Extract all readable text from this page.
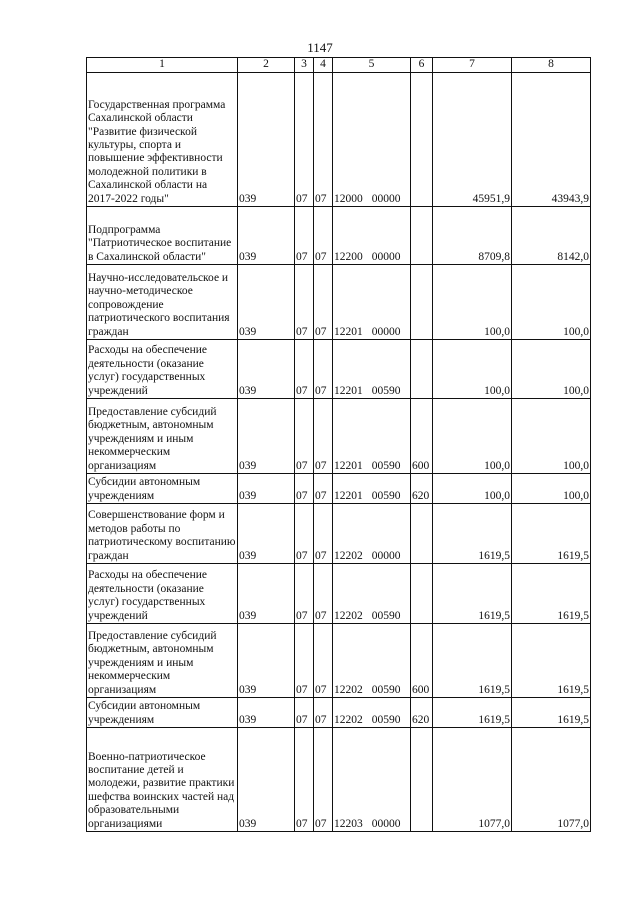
1147
1	2	3	4	5	6	7	8
Государственная программа Сахалинской области "Развитие физической культуры, спорта и повышение эффективности молодежной политики в Сахалинской области на 2017-2022 годы"	039	07	07	12000 00000		45951,9	43943,9
Подпрограмма "Патриотическое воспитание в Сахалинской области"	039	07	07	12200 00000		8709,8	8142,0
Научно-исследовательское и научно-методическое сопровождение патриотического воспитания граждан	039	07	07	12201 00000		100,0	100,0
Расходы на обеспечение деятельности (оказание услуг) государственных учреждений	039	07	07	12201 00590		100,0	100,0
Предоставление субсидий бюджетным, автономным учреждениям и иным некоммерческим организациям	039	07	07	12201 00590	600	100,0	100,0
Субсидии автономным учреждениям	039	07	07	12201 00590	620	100,0	100,0
Совершенствование форм и методов работы по патриотическому воспитанию граждан	039	07	07	12202 00000		1619,5	1619,5
Расходы на обеспечение деятельности (оказание услуг) государственных учреждений	039	07	07	12202 00590		1619,5	1619,5
Предоставление субсидий бюджетным, автономным учреждениям и иным некоммерческим организациям	039	07	07	12202 00590	600	1619,5	1619,5
Субсидии автономным учреждениям	039	07	07	12202 00590	620	1619,5	1619,5
Военно-патриотическое воспитание детей и молодежи, развитие практики шефства воинских частей над образовательными организациями	039	07	07	12203 00000		1077,0	1077,0
